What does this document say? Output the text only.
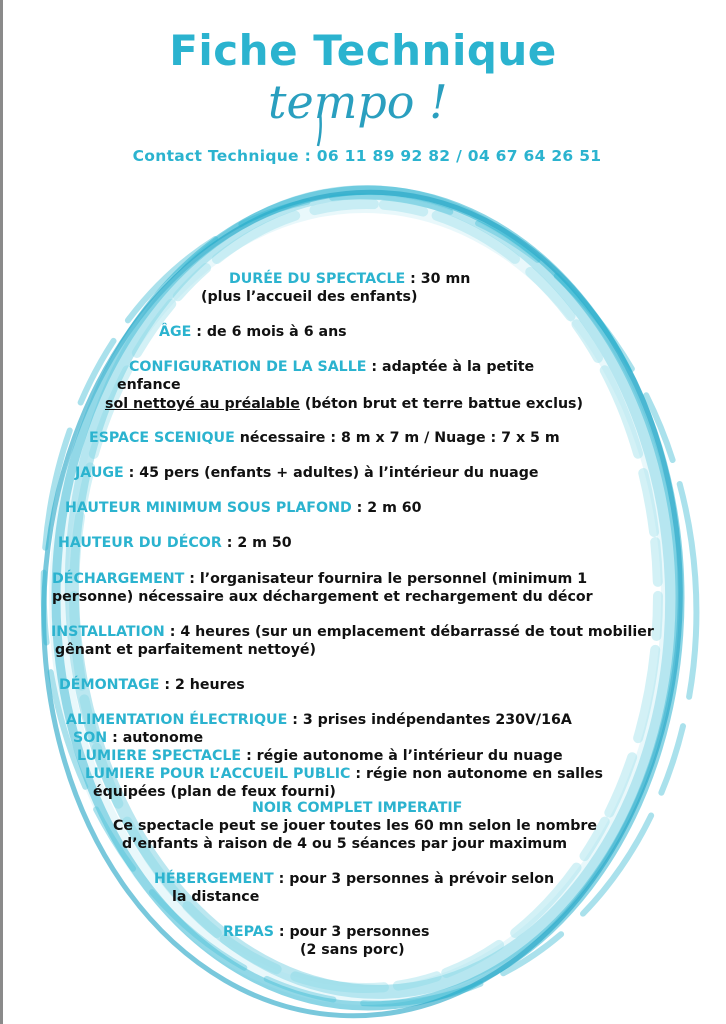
Fiche Technique
tempo !
Contact Technique : 06 11 89 92 82 / 04 67 64 26 51
DURÉE DU SPECTACLE : 30 mn
(plus l’accueil des enfants)
ÂGE : de 6 mois à 6 ans
CONFIGURATION DE LA SALLE : adaptée à la petite
enfance
sol nettoyé au préalable (béton brut et terre battue exclus)
ESPACE SCENIQUE nécessaire : 8 m x 7 m / Nuage : 7 x 5 m
JAUGE : 45 pers (enfants + adultes) à l’intérieur du nuage
HAUTEUR MINIMUM SOUS PLAFOND : 2 m 60
HAUTEUR DU DÉCOR : 2 m 50
DÉCHARGEMENT : l’organisateur fournira le personnel (minimum 1
personne) nécessaire aux déchargement et rechargement du décor
INSTALLATION : 4 heures (sur un emplacement débarrassé de tout mobilier
gênant et parfaitement nettoyé)
DÉMONTAGE : 2 heures
ALIMENTATION ÉLECTRIQUE : 3 prises indépendantes 230V/16A
SON : autonome
LUMIERE SPECTACLE : régie autonome à l’intérieur du nuage
LUMIERE POUR L’ACCUEIL PUBLIC : régie non autonome en salles
équipées (plan de feux fourni)
NOIR COMPLET IMPERATIF
Ce spectacle peut se jouer toutes les 60 mn selon le nombre
d’enfants à raison de 4 ou 5 séances par jour maximum
HÉBERGEMENT : pour 3 personnes à prévoir selon
la distance
REPAS : pour 3 personnes
(2 sans porc)
